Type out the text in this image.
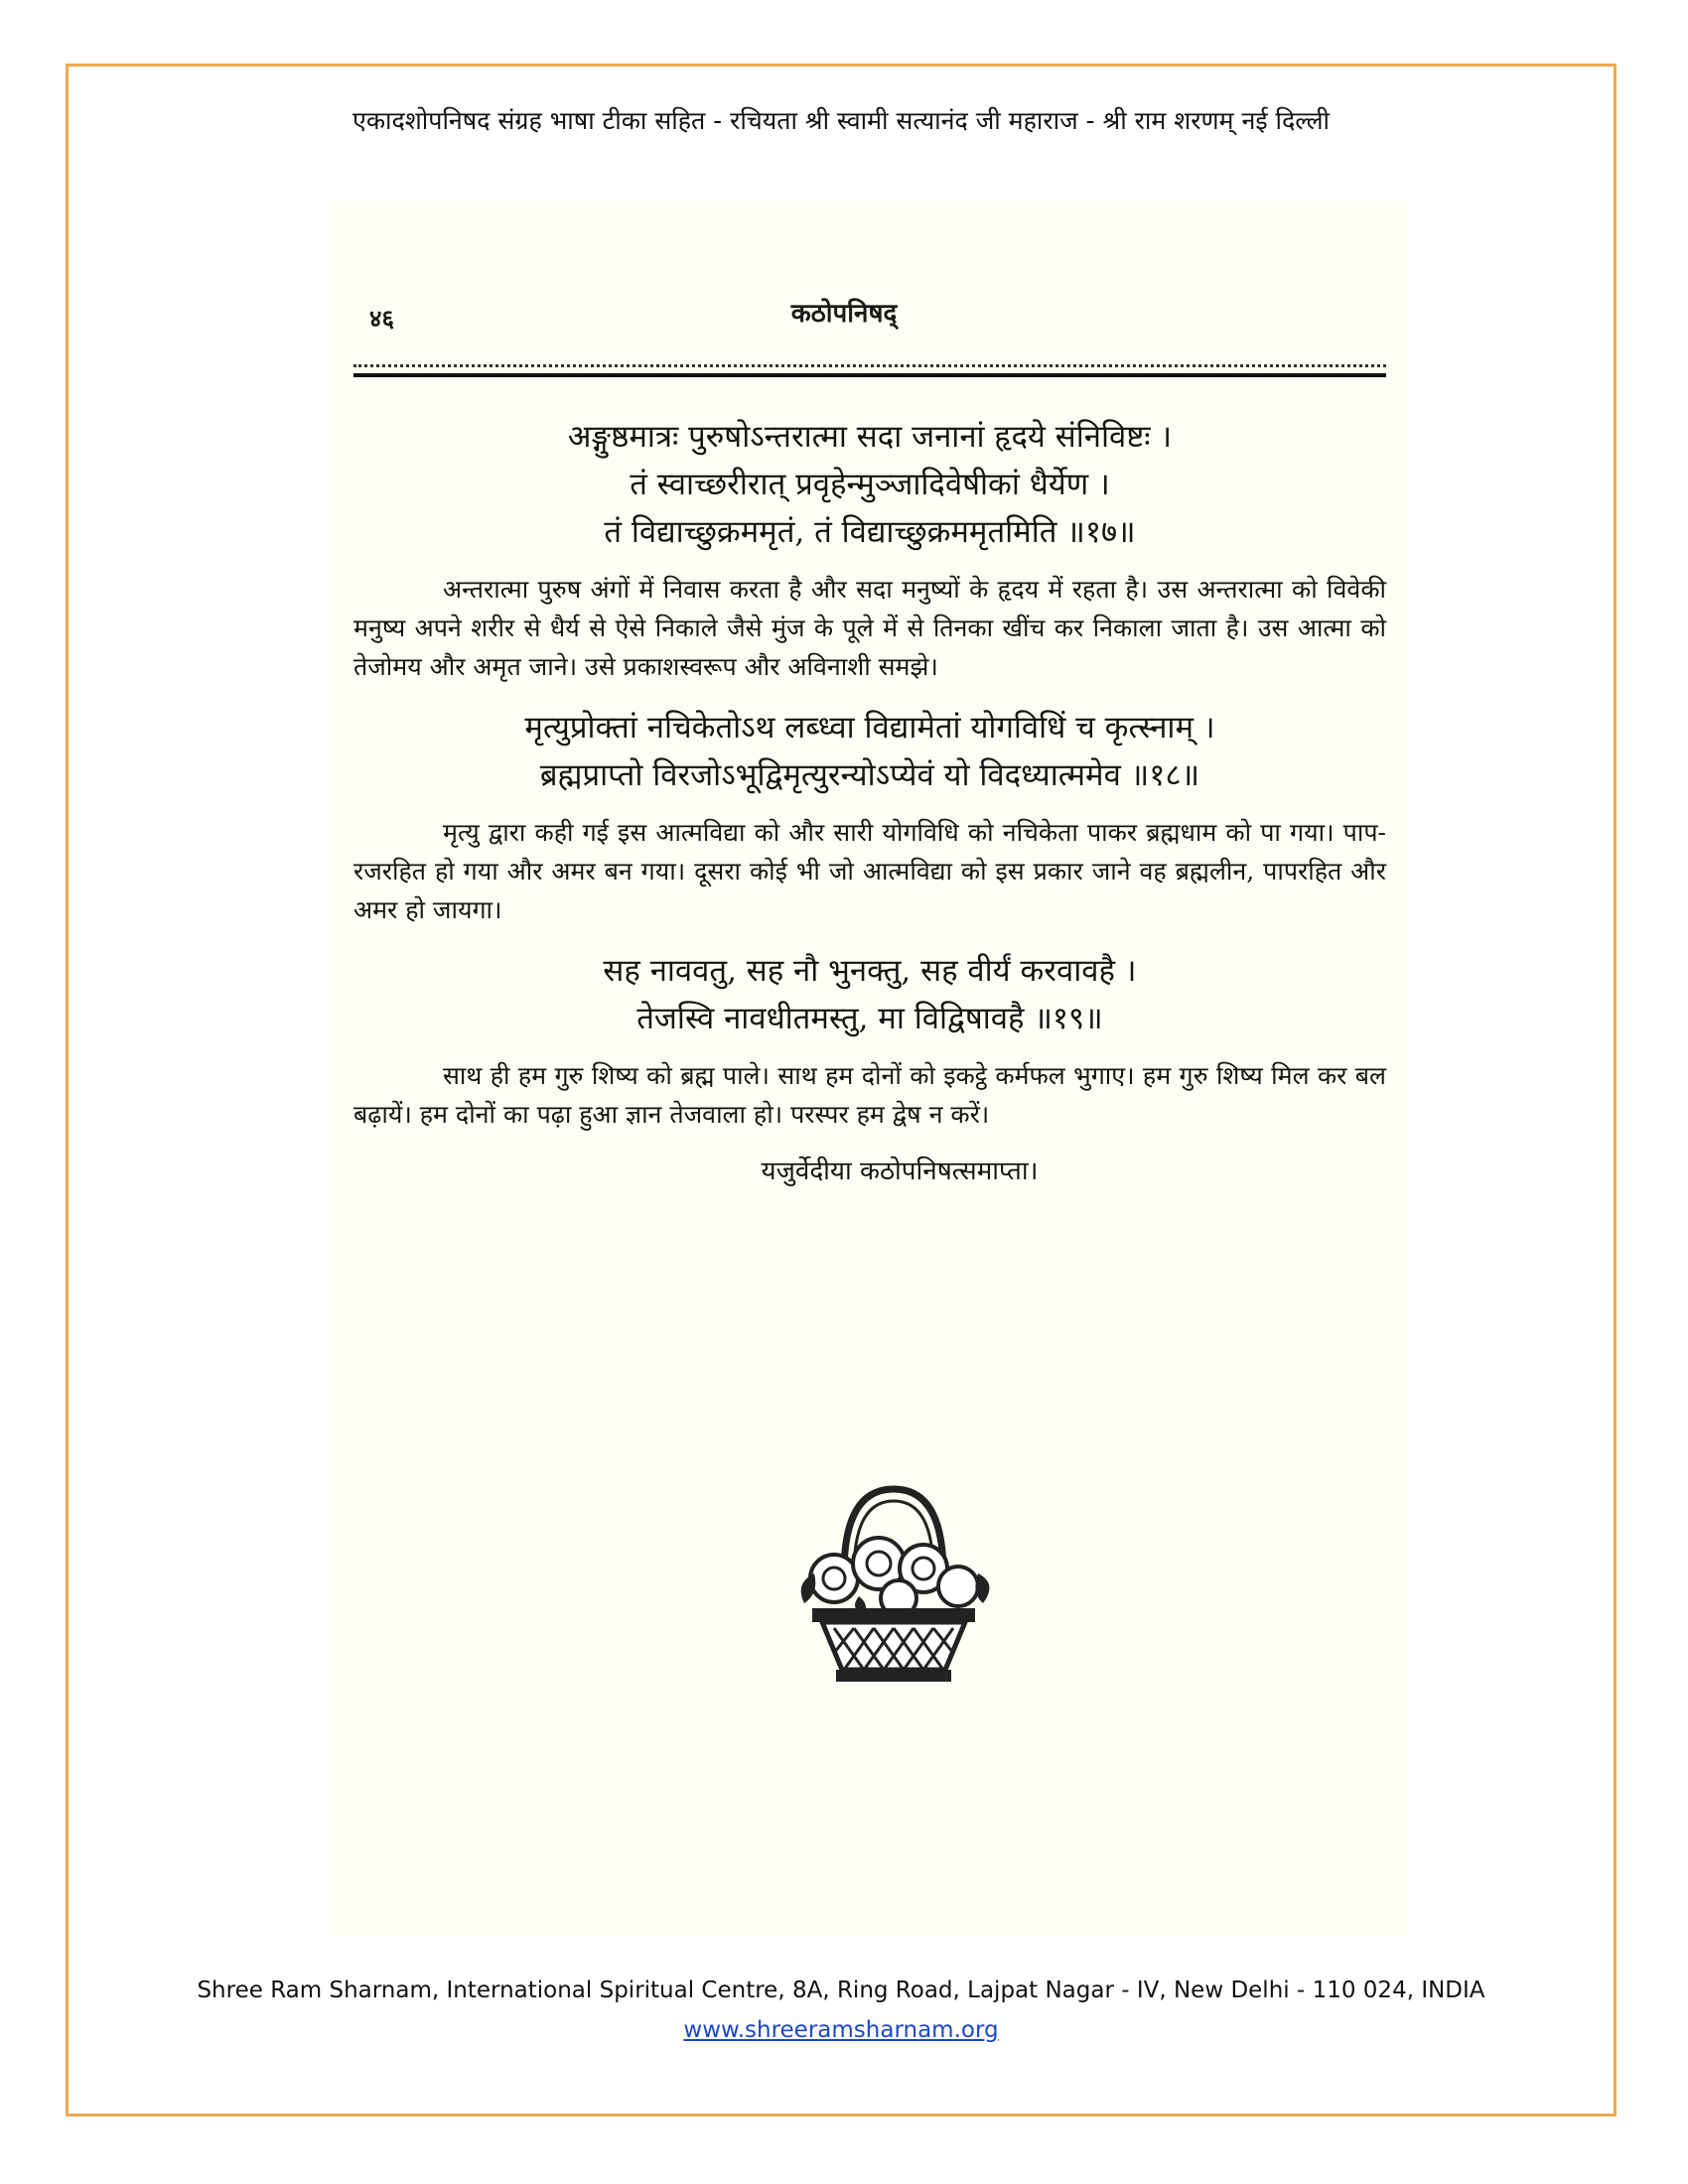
एकादशोपनिषद संग्रह भाषा टीका सहित - रचियता श्री स्वामी सत्यानंद जी महाराज - श्री राम शरणम् नई दिल्ली
४६	कठोपनिषद्

अङ्गुष्ठमात्रः पुरुषोऽन्तरात्मा सदा जनानां हृदये संनिविष्टः ।
तं स्वाच्छरीरात् प्रवृहेन्मुञ्जादिवेषीकां धैर्येण ।
तं विद्याच्छुक्रममृतं, तं विद्याच्छुक्रममृतमिति ॥१७॥

अन्तरात्मा पुरुष अंगों में निवास करता है और सदा मनुष्यों के हृदय में रहता है। उस अन्तरात्मा को विवेकी मनुष्य अपने शरीर से धैर्य से ऐसे निकाले जैसे मुंज के पूले में से तिनका खींच कर निकाला जाता है। उस आत्मा को तेजोमय और अमृत जाने। उसे प्रकाशस्वरूप और अविनाशी समझे।

मृत्युप्रोक्तां नचिकेतोऽथ लब्ध्वा विद्यामेतां योगविधिं च कृत्स्नाम् ।
ब्रह्मप्राप्तो विरजोऽभूद्विमृत्युरन्योऽप्येवं यो विदध्यात्ममेव ॥१८॥

मृत्यु द्वारा कही गई इस आत्मविद्या को और सारी योगविधि को नचिकेता पाकर ब्रह्मधाम को पा गया। पाप-रजरहित हो गया और अमर बन गया। दूसरा कोई भी जो आत्मविद्या को इस प्रकार जाने वह ब्रह्मलीन, पापरहित और अमर हो जायगा।

सह नाववतु, सह नौ भुनक्तु, सह वीर्यं करवावहै ।
तेजस्वि नावधीतमस्तु, मा विद्विषावहै ॥१९॥

साथ ही हम गुरु शिष्य को ब्रह्म पाले। साथ हम दोनों को इकट्ठे कर्मफल भुगाए। हम गुरु शिष्य मिल कर बल बढ़ायें। हम दोनों का पढ़ा हुआ ज्ञान तेजवाला हो। परस्पर हम द्वेष न करें।

यजुर्वेदीया कठोपनिषत्समाप्ता।
Shree Ram Sharnam, International Spiritual Centre, 8A, Ring Road, Lajpat Nagar - IV, New Delhi - 110 024, INDIA
www.shreeramsharnam.org
